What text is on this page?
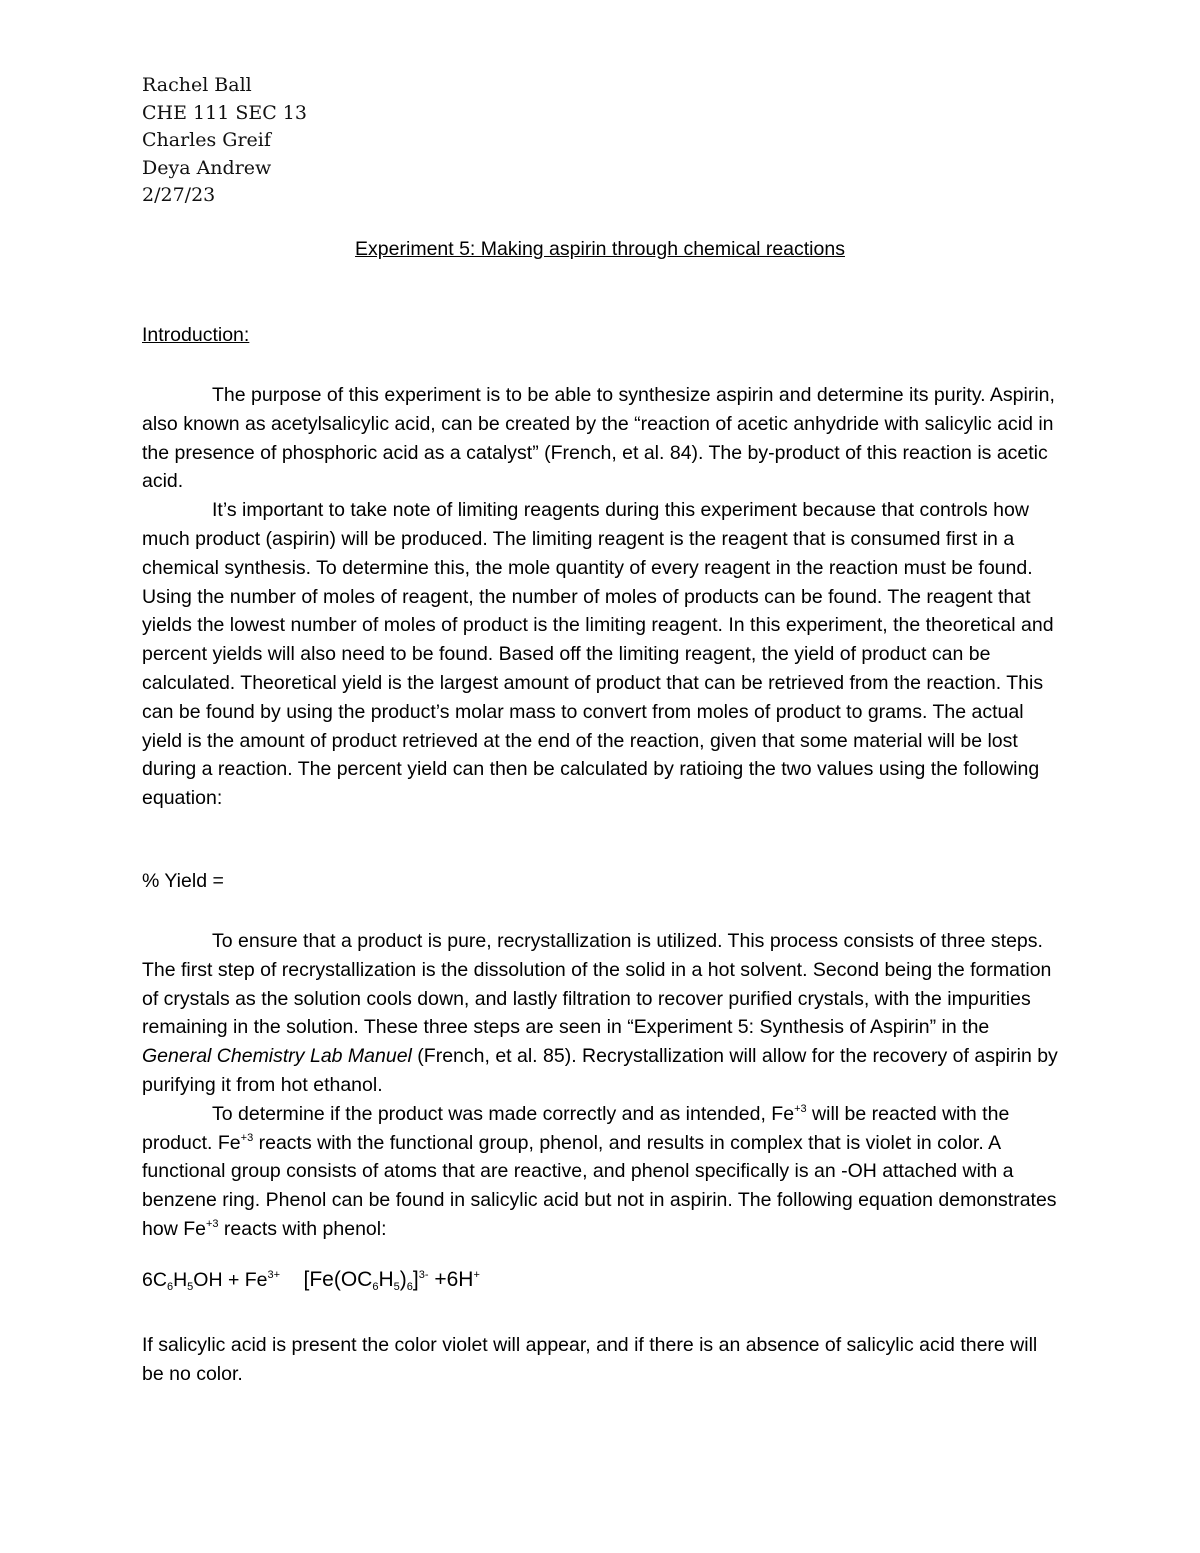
Rachel Ball
CHE 111 SEC 13
Charles Greif
Deya Andrew
2/27/23
Experiment 5: Making aspirin through chemical reactions
Introduction:

The purpose of this experiment is to be able to synthesize aspirin and determine its purity. Aspirin, also known as acetylsalicylic acid, can be created by the “reaction of acetic anhydride with salicylic acid in the presence of phosphoric acid as a catalyst” (French, et al. 84). The by-product of this reaction is acetic acid.

It’s important to take note of limiting reagents during this experiment because that controls how much product (aspirin) will be produced. The limiting reagent is the reagent that is consumed first in a chemical synthesis. To determine this, the mole quantity of every reagent in the reaction must be found. Using the number of moles of reagent, the number of moles of products can be found. The reagent that yields the lowest number of moles of product is the limiting reagent. In this experiment, the theoretical and percent yields will also need to be found. Based off the limiting reagent, the yield of product can be calculated. Theoretical yield is the largest amount of product that can be retrieved from the reaction. This can be found by using the product’s molar mass to convert from moles of product to grams. The actual yield is the amount of product retrieved at the end of the reaction, given that some material will be lost during a reaction. The percent yield can then be calculated by ratioing the two values using the following equation:

% Yield =

To ensure that a product is pure, recrystallization is utilized. This process consists of three steps. The first step of recrystallization is the dissolution of the solid in a hot solvent. Second being the formation of crystals as the solution cools down, and lastly filtration to recover purified crystals, with the impurities remaining in the solution. These three steps are seen in “Experiment 5: Synthesis of Aspirin” in the General Chemistry Lab Manuel (French, et al. 85). Recrystallization will allow for the recovery of aspirin by purifying it from hot ethanol.

To determine if the product was made correctly and as intended, $Fe^{+3}$ will be reacted with the product. $Fe^{+3}$ reacts with the functional group, phenol, and results in complex that is violet in color. A functional group consists of atoms that are reactive, and phenol specifically is an -OH attached with a benzene ring. Phenol can be found in salicylic acid but not in aspirin. The following equation demonstrates how $Fe^{+3}$ reacts with phenol:

$6C_6H_5OH + Fe^{3+}$ $[Fe(OC_6H_5)_6]^{3-} +6H^+$
If salicylic acid is present the color violet will appear, and if there is an absence of salicylic acid there will be no color.
